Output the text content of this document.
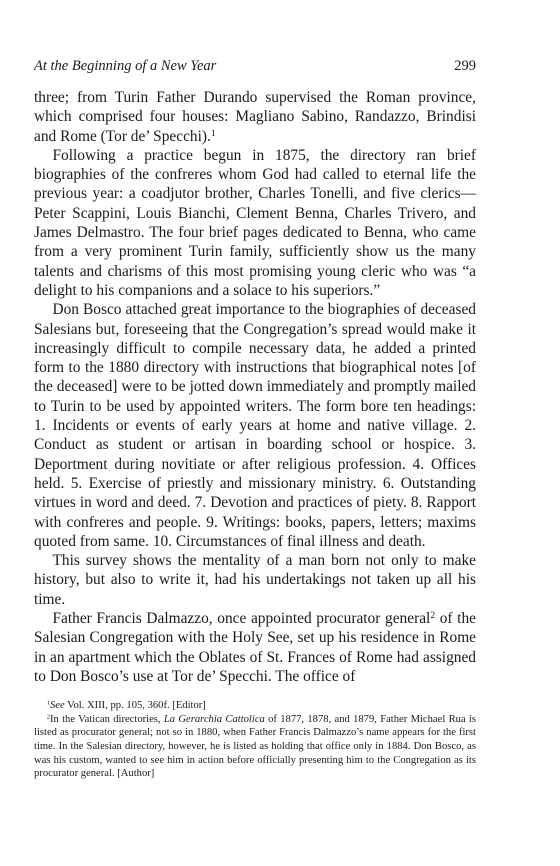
At the Beginning of a New Year	299

three; from Turin Father Durando supervised the Roman province, which comprised four houses: Magliano Sabino, Randazzo, Brindisi and Rome (Tor de’ Specchi).$^1$

Following a practice begun in 1875, the directory ran brief biographies of the confreres whom God had called to eternal life the previous year: a coadjutor brother, Charles Tonelli, and five clerics—Peter Scappini, Louis Bianchi, Clement Benna, Charles Trivero, and James Delmastro. The four brief pages dedicated to Benna, who came from a very prominent Turin family, sufficiently show us the many talents and charisms of this most promising young cleric who was “a delight to his companions and a solace to his superiors.”

Don Bosco attached great importance to the biographies of deceased Salesians but, foreseeing that the Congregation’s spread would make it increasingly difficult to compile necessary data, he added a printed form to the 1880 directory with instructions that biographical notes [of the deceased] were to be jotted down immediately and promptly mailed to Turin to be used by appointed writers. The form bore ten headings: 1. Incidents or events of early years at home and native village. 2. Conduct as student or artisan in boarding school or hospice. 3. Deportment during novitiate or after religious profession. 4. Offices held. 5. Exercise of priestly and missionary ministry. 6. Outstanding virtues in word and deed. 7. Devotion and practices of piety. 8. Rapport with confreres and people. 9. Writings: books, papers, letters; maxims quoted from same. 10. Circumstances of final illness and death.

This survey shows the mentality of a man born not only to make history, but also to write it, had his undertakings not taken up all his time.

Father Francis Dalmazzo, once appointed procurator general$^2$ of the Salesian Congregation with the Holy See, set up his residence in Rome in an apartment which the Oblates of St. Frances of Rome had assigned to Don Bosco’s use at Tor de’ Specchi. The office of

$^1$See Vol. XIII, pp. 105, 360f. [Editor]

$^2$In the Vatican directories, La Gerarchia Cattolica of 1877, 1878, and 1879, Father Michael Rua is listed as procurator general; not so in 1880, when Father Francis Dalmazzo’s name appears for the first time. In the Salesian directory, however, he is listed as holding that office only in 1884. Don Bosco, as was his custom, wanted to see him in action before officially presenting him to the Congregation as its procurator general. [Author]
